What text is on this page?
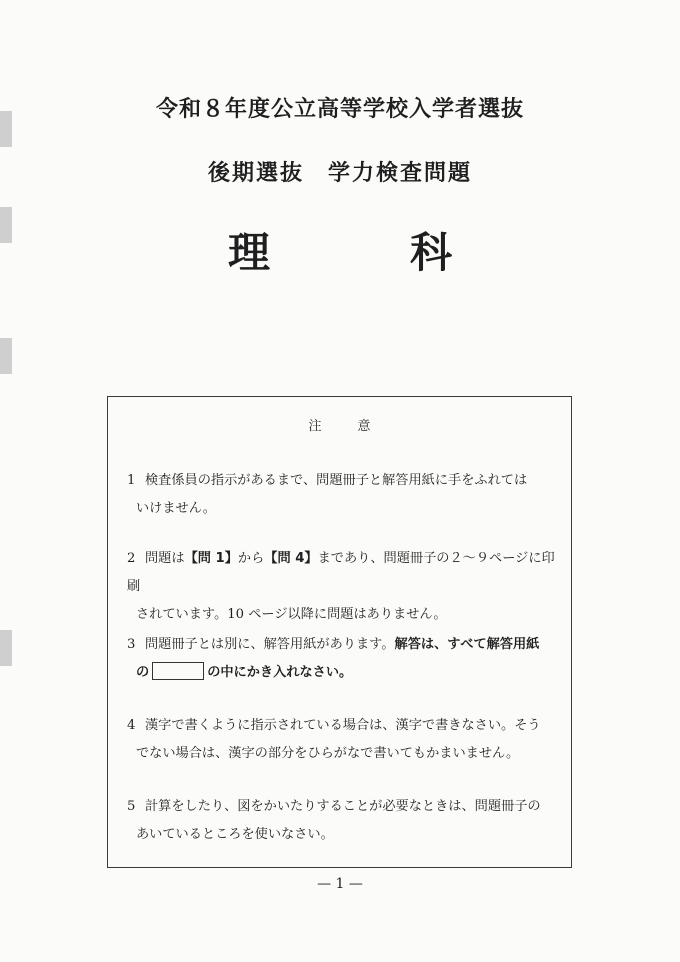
令和８年度公立高等学校入学者選抜
後期選抜　学力検査問題
理	科
注意
1 検査係員の指示があるまで、問題冊子と解答用紙に手をふれては
いけません。
2 問題は【問 1】から【問 4】まであり、問題冊子の２～９ページに印刷
されています。10 ページ以降に問題はありません。
3 問題冊子とは別に、解答用紙があります。解答は、すべて解答用紙
の	の中にかき入れなさい。
4 漢字で書くように指示されている場合は、漢字で書きなさい。そう
でない場合は、漢字の部分をひらがなで書いてもかまいません。
5 計算をしたり、図をかいたりすることが必要なときは、問題冊子の
あいているところを使いなさい。
— 1 —
